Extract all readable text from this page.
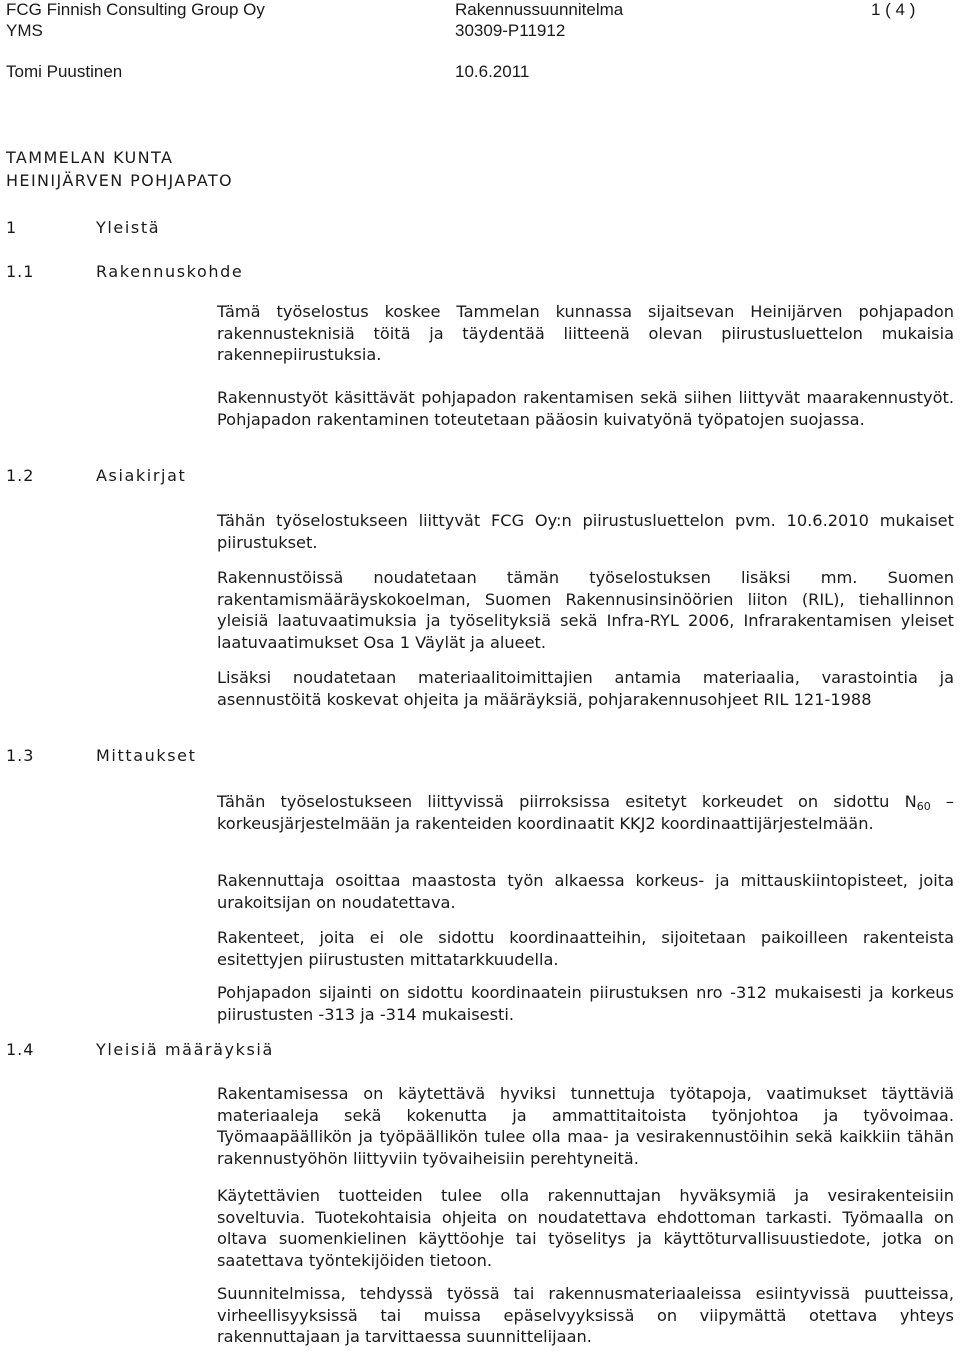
FCG Finnish Consulting Group Oy
YMS
Tomi Puustinen
Rakennussuunnitelma
30309-P11912
10.6.2011
1 ( 4 )
TAMMELAN KUNTA
HEINIJÄRVEN POHJAPATO
1	Yleistä
1.1	Rakennuskohde
1.2	Asiakirjat
1.3	Mittaukset
1.4	Yleisiä määräyksiä

Tämä työselostus koskee Tammelan kunnassa sijaitsevan Heinijärven pohjapadon rakennusteknisiä töitä ja täydentää liitteenä olevan piirustusluettelon mukaisia rakennepiirustuksia.

Rakennustyöt käsittävät pohjapadon rakentamisen sekä siihen liittyvät maarakennustyöt. Pohjapadon rakentaminen toteutetaan pääosin kuivatyönä työpatojen suojassa.

Tähän työselostukseen liittyvät FCG Oy:n piirustusluettelon pvm. 10.6.2010 mukaiset piirustukset.

Rakennustöissä noudatetaan tämän työselostuksen lisäksi mm. Suomen rakentamismääräyskokoelman, Suomen Rakennusinsinöörien liiton (RIL), tiehallinnon yleisiä laatuvaatimuksia ja työselityksiä sekä Infra-RYL 2006, Infrarakentamisen yleiset laatuvaatimukset Osa 1 Väylät ja alueet.

Lisäksi noudatetaan materiaalitoimittajien antamia materiaalia, varastointia ja asennustöitä koskevat ohjeita ja määräyksiä, pohjarakennusohjeet RIL 121-1988

Tähän työselostukseen liittyvissä piirroksissa esitetyt korkeudet on sidottu $N_{60}$ –korkeusjärjestelmään ja rakenteiden koordinaatit KKJ2 koordinaattijärjestelmään.

Rakennuttaja osoittaa maastosta työn alkaessa korkeus- ja mittauskiintopisteet, joita urakoitsijan on noudatettava.

Rakenteet, joita ei ole sidottu koordinaatteihin, sijoitetaan paikoilleen rakenteista esitettyjen piirustusten mittatarkkuudella.

Pohjapadon sijainti on sidottu koordinaatein piirustuksen nro -312 mukaisesti ja korkeus piirustusten -313 ja -314 mukaisesti.

Rakentamisessa on käytettävä hyviksi tunnettuja työtapoja, vaatimukset täyttäviä materiaaleja sekä kokenutta ja ammattitaitoista työnjohtoa ja työvoimaa. Työmaapäällikön ja työpäällikön tulee olla maa- ja vesirakennustöihin sekä kaikkiin tähän rakennustyöhön liittyviin työvaiheisiin perehtyneitä.

Käytettävien tuotteiden tulee olla rakennuttajan hyväksymiä ja vesirakenteisiin soveltuvia. Tuotekohtaisia ohjeita on noudatettava ehdottoman tarkasti. Työmaalla on oltava suomenkielinen käyttöohje tai työselitys ja käyttöturvallisuustiedote, jotka on saatettava työntekijöiden tietoon.

Suunnitelmissa, tehdyssä työssä tai rakennusmateriaaleissa esiintyvissä puutteissa, virheellisyyksissä tai muissa epäselvyyksissä on viipymättä otettava yhteys rakennuttajaan ja tarvittaessa suunnittelijaan.
